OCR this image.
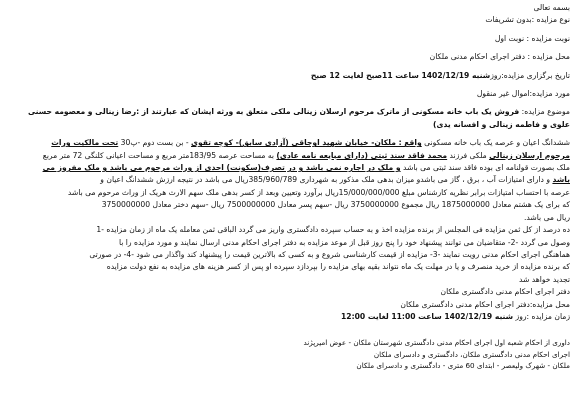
بسمه تعالی
نوع مزایده :بدون تشریفات
نوبت مزایده : نوبت اول
محل مزایده : دفتر اجرای احکام مدنی ملکان
تاریخ برگزاری مزایده:روزشنبه 1402/12/19 ساعت 11صبح لغایت 12 صبح
مورد مزایده:اموال غیر منقول
موضوع مزایده: فروش یک باب خانه مسکونی از ماترک مرحوم ارسلان زینالی ملکی متعلق به ورثه ایشان که عبارتند از :رضا زینالی و معصومه حسنی
علوی و فاطمه زینالی و افسانه یدی)
ششدانگ اعیان و عرصه یک باب خانه مسکونی واقع : ملکان- خیابان شهید اوجاقی (آزادی سابق)- کوچه تقوی - بن بست دوم -پ30 تحت مالکیت وراث
مرحوم ارسلان زینالی ملکی فرزند محمد فاقد سند ثبتی (دارای مبایعه نامه عادی) به مساحت عرصه 183/95متر مربع و مساحت اعیانی کلنگی 72 متر مربع
ملک بصورت قولنامه ای بوده فاقد سند ثبتی می باشد و ملک در اجاره نمی باشد و در تصرف(سکونت) احدی از وراث مرحوم می باشد و ملک مفروز می
باشد و دارای امتیازات آب ، برق ، گاز می باشدو میزان بدهی ملک مذکور به شهرداری 385/960/789ریال می باشد در نتیجه ارزش ششدانگ اعیان و
عرصه با احتساب امتیازات برابر نظریه کارشناس مبلغ 15/000/000/000ریال برآورد وتعیین وبعد از کسر بدهی ملک سهم الارث هریک از وراث مرحوم می باشد
که برای یک هشتم معادل 1875000000 ریال مجموع 3750000000 ریال -سهم پسر معادل 7500000000 ریال -سهم دختر معادل 3750000000
ریال می باشد.
ده درصد از کل ثمن مزایده فی المجلس از برنده مزایده اخذ و به حساب سپرده دادگستری واریز می گردد الباقی ثمن معامله یک ماه از زمان مزایده -1
وصول می گردد -2- متقاضیان می توانند پیشنهاد خود را پنج روز قبل از موعد مزایده به دفتر اجرای احکام مدنی ارسال نمایند و مورد مزایده را با
هماهنگی اجرای احکام مدنی رویت نمایند -3- مزایده از قیمت کارشناسی شروع و به کسی که بالاترین قیمت را پیشنهاد کند واگذار می شود -4- در صورتی
که برنده مزایده از خرید منصرف و یا در مهلت یک ماه نتواند بقیه بهای مزایده را بپردازد سپرده او پس از کسر هزینه های مزایده به نفع دولت مزایده
تجدید خواهد شد
دفتر اجرای احکام مدنی دادگستری ملکان
محل مزایده:دفتر اجرای احکام مدنی دادگستری ملکان
زمان مزایده :روز شنبه 1402/12/19 ساعت 11:00 لغایت 12:00
داوری از احکام شعبه اول اجرای احکام مدنی دادگستری شهرستان ملکان - عوض امیرپژند
اجرای احکام مدنی دادگستری ملکان، دادگستری و دادسرای ملکان
ملکان - شهرک ولیعصر - ابتدای 60 متری - دادگستری و دادسرای ملکان
